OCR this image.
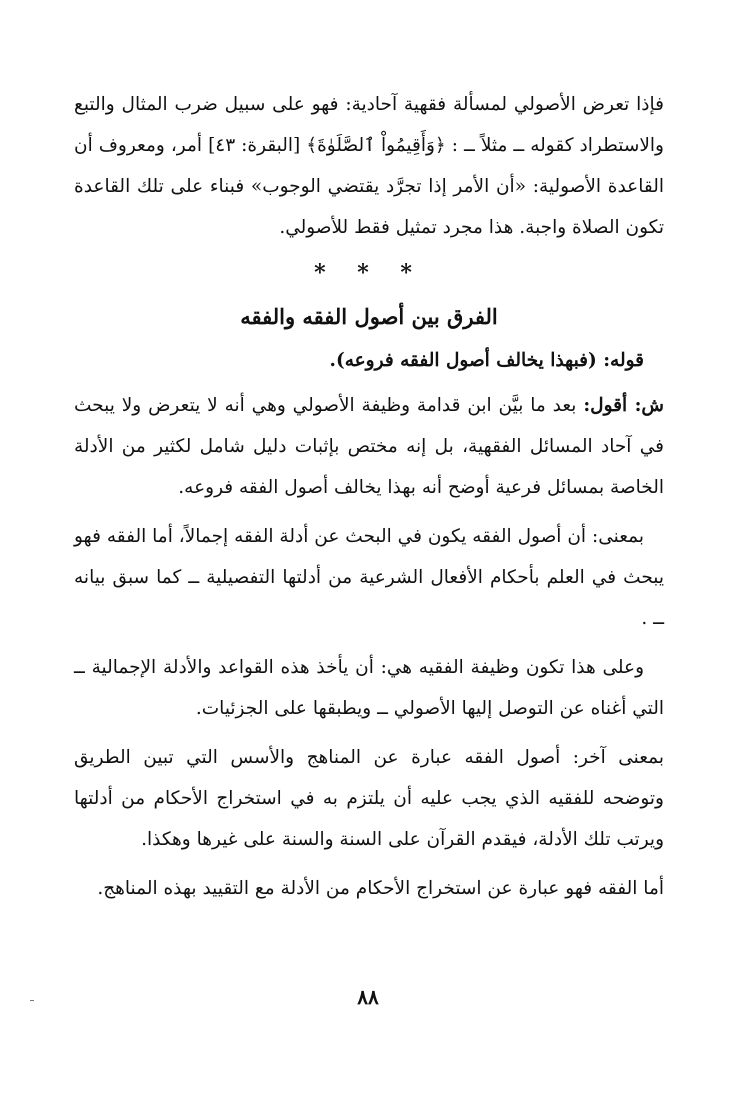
فإذا تعرض الأصولي لمسألة فقهية آحادية: فهو على سبيل ضرب المثال والتبع والاستطراد كقوله ــ مثلاً ــ : ﴿وَأَقِيمُواْ ٱلصَّلَوٰةَ﴾ [البقرة: ٤٣] أمر، ومعروف أن القاعدة الأصولية: «أن الأمر إذا تجرَّد يقتضي الوجوب» فبناء على تلك القاعدة تكون الصلاة واجبة. هذا مجرد تمثيل فقط للأصولي.

* * *
الفرق بين أصول الفقه والفقه

قوله: (فبهذا يخالف أصول الفقه فروعه).

ش: أقول: بعد ما بيَّن ابن قدامة وظيفة الأصولي وهي أنه لا يتعرض ولا يبحث في آحاد المسائل الفقهية، بل إنه مختص بإثبات دليل شامل لكثير من الأدلة الخاصة بمسائل فرعية أوضح أنه بهذا يخالف أصول الفقه فروعه.

بمعنى: أن أصول الفقه يكون في البحث عن أدلة الفقه إجمالاً، أما الفقه فهو يبحث في العلم بأحكام الأفعال الشرعية من أدلتها التفصيلية ــ كما سبق بيانه ــ .

وعلى هذا تكون وظيفة الفقيه هي: أن يأخذ هذه القواعد والأدلة الإجمالية ــ التي أغناه عن التوصل إليها الأصولي ــ ويطبقها على الجزئيات.

بمعنى آخر: أصول الفقه عبارة عن المناهج والأسس التي تبين الطريق وتوضحه للفقيه الذي يجب عليه أن يلتزم به في استخراج الأحكام من أدلتها ويرتب تلك الأدلة، فيقدم القرآن على السنة والسنة على غيرها وهكذا.

أما الفقه فهو عبارة عن استخراج الأحكام من الأدلة مع التقييد بهذه المناهج.

٨٨
